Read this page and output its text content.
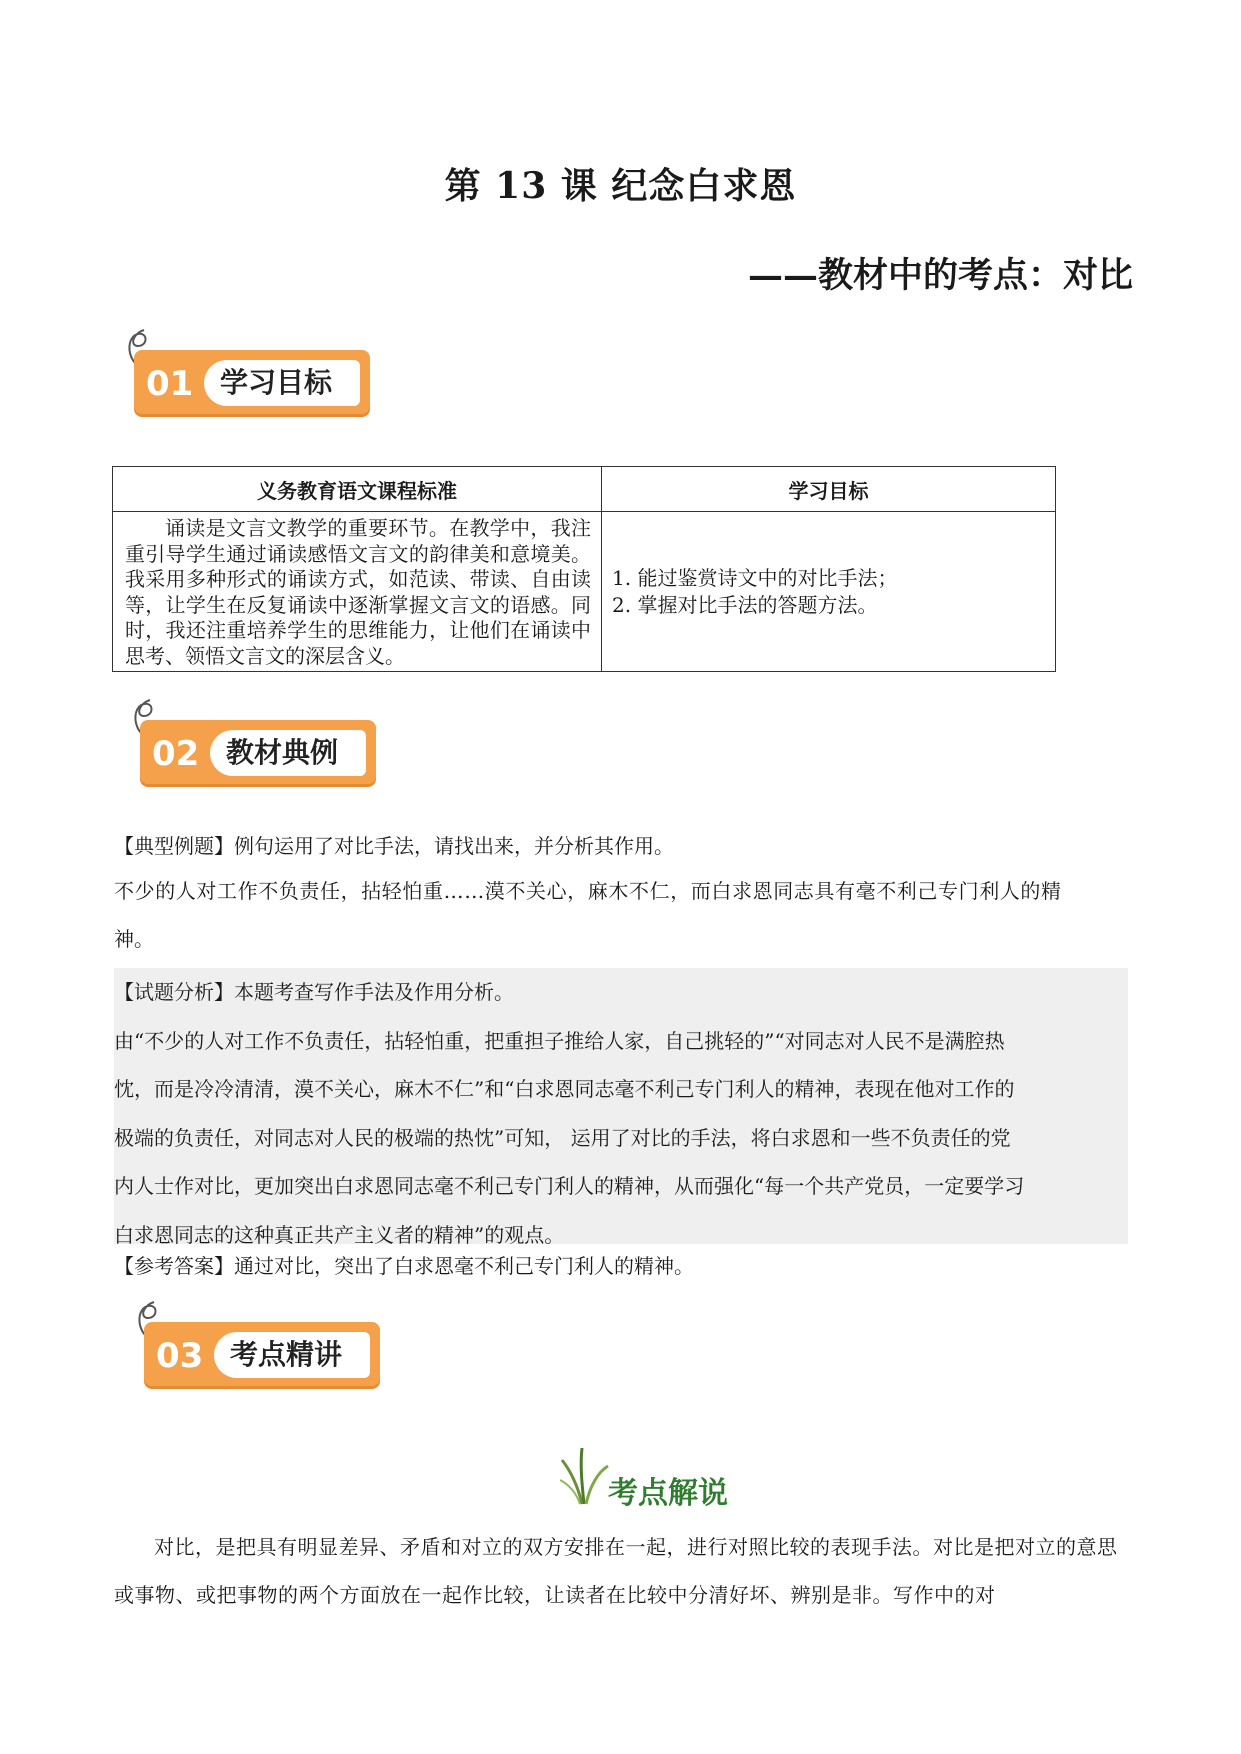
第 13 课 纪念白求恩
——教材中的考点：对比
01 学习目标
义务教育语文课程标准	学习目标
诵读是文言文教学的重要环节。在教学中，我注重引导学生通过诵读感悟文言文的韵律美和意境美。我采用多种形式的诵读方式，如范读、带读、自由读等，让学生在反复诵读中逐渐掌握文言文的语感。同时，我还注重培养学生的思维能力，让他们在诵读中思考、领悟文言文的深层含义。	1. 能过鉴赏诗文中的对比手法；
2. 掌握对比手法的答题方法。
02 教材典例
【典型例题】例句运用了对比手法，请找出来，并分析其作用。
不少的人对工作不负责任，拈轻怕重……漠不关心，麻木不仁，而白求恩同志具有毫不利己专门利人的精
神。

【试题分析】本题考查写作手法及作用分析。

由“不少的人对工作不负责任，拈轻怕重，把重担子推给人家，自己挑轻的”“对同志对人民不是满腔热

忱，而是冷冷清清，漠不关心，麻木不仁”和“白求恩同志毫不利己专门利人的精神，表现在他对工作的

极端的负责任，对同志对人民的极端的热忱”可知， 运用了对比的手法，将白求恩和一些不负责任的党

内人士作对比，更加突出白求恩同志毫不利己专门利人的精神，从而强化“每一个共产党员，一定要学习

白求恩同志的这种真正共产主义者的精神”的观点。

【参考答案】通过对比，突出了白求恩毫不利己专门利人的精神。
03 考点精讲
考点解说

对比，是把具有明显差异、矛盾和对立的双方安排在一起，进行对照比较的表现手法。对比是把对立的意思或事物、或把事物的两个方面放在一起作比较，让读者在比较中分清好坏、辨别是非。写作中的对
